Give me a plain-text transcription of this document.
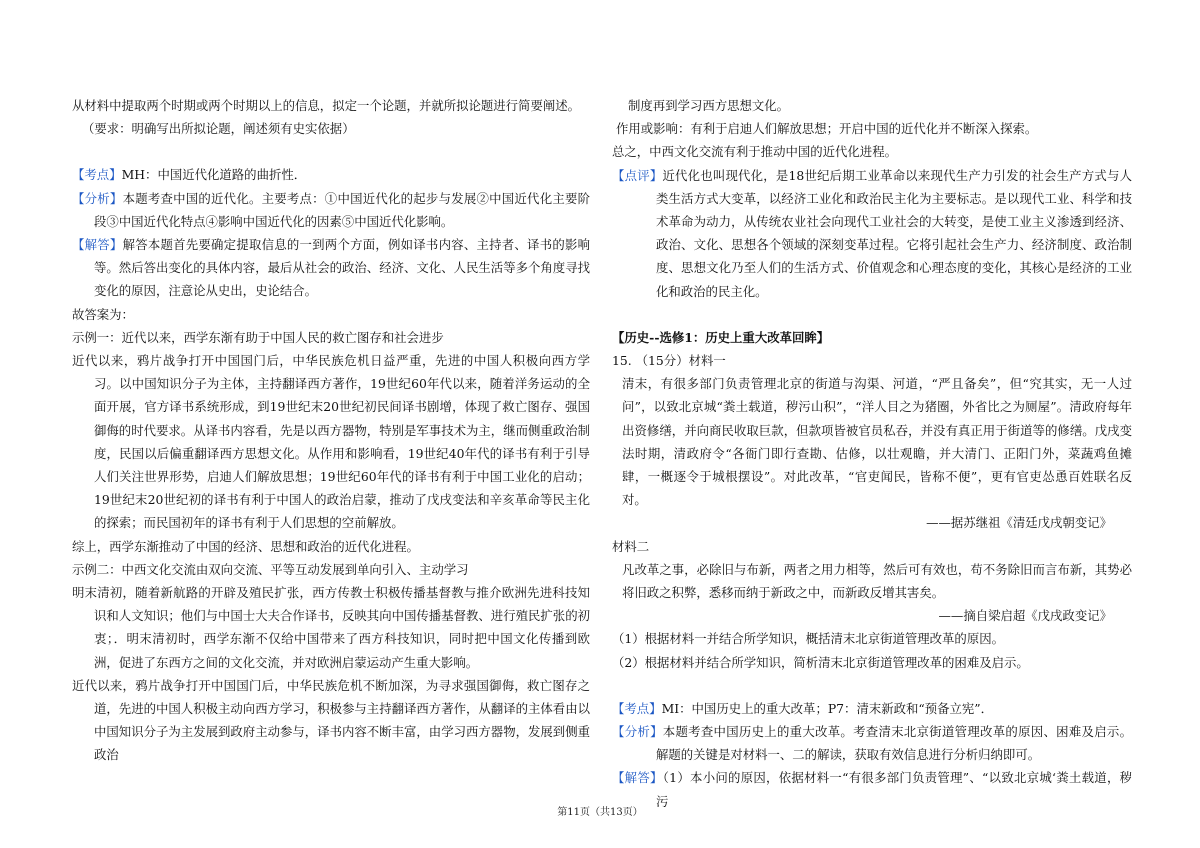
从材料中提取两个时期或两个时期以上的信息，拟定一个论题，并就所拟论题进行简要阐述。

（要求：明确写出所拟论题，阐述须有史实依据）

【考点】MH：中国近代化道路的曲折性．

【分析】本题考查中国的近代化。主要考点：①中国近代化的起步与发展②中国近代化主要阶段③中国近代化特点④影响中国近代化的因素⑤中国近代化影响。

【解答】解答本题首先要确定提取信息的一到两个方面，例如译书内容、主持者、译书的影响等。然后答出变化的具体内容，最后从社会的政治、经济、文化、人民生活等多个角度寻找变化的原因，注意论从史出，史论结合。

故答案为：

示例一：近代以来，西学东渐有助于中国人民的救亡图存和社会进步

近代以来，鸦片战争打开中国国门后，中华民族危机日益严重，先进的中国人积极向西方学习。以中国知识分子为主体，主持翻译西方著作，19世纪60年代以来，随着洋务运动的全面开展，官方译书系统形成，到19世纪末20世纪初民间译书剧增，体现了救亡图存、强国御侮的时代要求。从译书内容看，先是以西方器物，特别是军事技术为主，继而侧重政治制度，民国以后偏重翻译西方思想文化。从作用和影响看，19世纪40年代的译书有利于引导人们关注世界形势，启迪人们解放思想；19世纪60年代的译书有利于中国工业化的启动；19世纪末20世纪初的译书有利于中国人的政治启蒙，推动了戊戌变法和辛亥革命等民主化的探索；而民国初年的译书有利于人们思想的空前解放。

综上，西学东渐推动了中国的经济、思想和政治的近代化进程。

示例二：中西文化交流由双向交流、平等互动发展到单向引入、主动学习

明末清初，随着新航路的开辟及殖民扩张，西方传教士积极传播基督教与推介欧洲先进科技知识和人文知识；他们与中国士大夫合作译书，反映其向中国传播基督教、进行殖民扩张的初衷；．明末清初时，西学东渐不仅给中国带来了西方科技知识，同时把中国文化传播到欧洲，促进了东西方之间的文化交流，并对欧洲启蒙运动产生重大影响。

近代以来，鸦片战争打开中国国门后，中华民族危机不断加深，为寻求强国御侮，救亡图存之道，先进的中国人积极主动向西方学习，积极参与主持翻译西方著作，从翻译的主体看由以中国知识分子为主发展到政府主动参与，译书内容不断丰富，由学习西方器物，发展到侧重政治

制度再到学习西方思想文化。

作用或影响：有利于启迪人们解放思想；开启中国的近代化并不断深入探索。

总之，中西文化交流有利于推动中国的近代化进程。

【点评】近代化也叫现代化，是18世纪后期工业革命以来现代生产力引发的社会生产方式与人类生活方式大变革，以经济工业化和政治民主化为主要标志。是以现代工业、科学和技术革命为动力，从传统农业社会向现代工业社会的大转变，是使工业主义渗透到经济、政治、文化、思想各个领域的深刻变革过程。它将引起社会生产力、经济制度、政治制度、思想文化乃至人们的生活方式、价值观念和心理态度的变化，其核心是经济的工业化和政治的民主化。

【历史--选修1：历史上重大改革回眸】

15. （15分）材料一

清末，有很多部门负责管理北京的街道与沟渠、河道，“严且备矣”，但“究其实，无一人过问”，以致北京城“粪土载道，秽污山积”，“洋人目之为猪圈，外省比之为厕屋”。清政府每年出资修缮，并向商民收取巨款，但款项皆被官员私吞，并没有真正用于街道等的修缮。戊戌变法时期，清政府令“各衙门即行查勘、估修，以壮观瞻，并大清门、正阳门外，菜蔬鸡鱼摊肆，一概逐令于城根摆设”。对此改革，“官吏闻民，皆称不便”，更有官吏怂恿百姓联名反对。

——据苏继祖《清廷戊戌朝变记》

材料二

凡改革之事，必除旧与布新，两者之用力相等，然后可有效也，苟不务除旧而言布新，其势必将旧政之积弊，悉移而纳于新政之中，而新政反增其害矣。

——摘自梁启超《戊戌政变记》

（1）根据材料一并结合所学知识，概括清末北京街道管理改革的原因。

（2）根据材料并结合所学知识，简析清末北京街道管理改革的困难及启示。

【考点】MI：中国历史上的重大改革；P7：清末新政和“预备立宪”．

【分析】本题考查中国历史上的重大改革。考查清末北京街道管理改革的原因、困难及启示。解题的关键是对材料一、二的解读，获取有效信息进行分析归纳即可。

【解答】（1）本小问的原因，依据材料一“有很多部门负责管理”、“以致北京城‘粪土载道，秽污

第11页（共13页）
